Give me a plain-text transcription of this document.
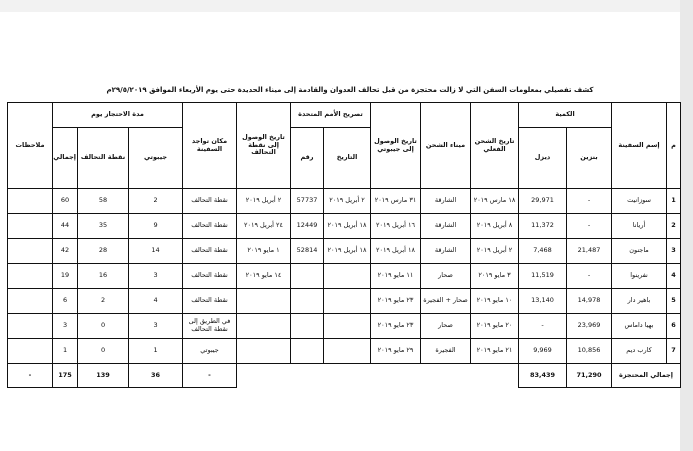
كشف تفصيلي بمعلومات السفن التي لا زالت محتجزة من قبل تحالف العدوان والقادمة إلى ميناء الحديدة حتى يوم الأربعاء الموافق ٢٩/٥/٢٠١٩م
م	إسم السفينة	الكمية		تاريخ الشحن الفعلي	ميناء الشحن	تاريخ الوصول إلى جيبوتي	تصريح الأمم المتحدة		تاريخ الوصول إلى نقطة التحالف	مكان تواجد السفينة	مدة الاحتجاز يوم			ملاحظات
		بنزين	ديزل				التاريخ	رقم			جيبوتي	نقطة التحالف	إجمالي	
1	سوزانيت	-	29,971	١٨ مارس ٢٠١٩	الشارقة	٣١ مارس ٢٠١٩	٢ أبريل ٢٠١٩	57737	٢ أبريل ٢٠١٩	نقطة التحالف	2	58	60	
2	أريانا	-	11,372	٨ أبريل ٢٠١٩	الشارقة	١٦ أبريل ٢٠١٩	١٨ أبريل ٢٠١٩	12449	٢٤ أبريل ٢٠١٩	نقطة التحالف	9	35	44	
3	ماجنون	21,487	7,468	٢ أبريل ٢٠١٩	الشارقة	١٨ أبريل ٢٠١٩	١٨ أبريل ٢٠١٩	52814	١ مايو ٢٠١٩	نقطة التحالف	14	28	42	
4	نفرينوا	-	11,519	٣ مايو ٢٠١٩	صحار	١١ مايو ٢٠١٩			١٤ مايو ٢٠١٩	نقطة التحالف	3	16	19	
5	باهير دار	14,978	13,140	١٠ مايو ٢٠١٩	صحار + الفجيرة	٢٣ مايو ٢٠١٩				نقطة التحالف	4	2	6	
6	بهيا داماس	23,969	-	٢٠ مايو ٢٠١٩	صحار	٢٣ مايو ٢٠١٩				في الطريق إلى نقطة التحالف	3	0	3	
7	كارب ديم	10,856	9,969	٢١ مايو ٢٠١٩	الفجيرة	٢٩ مايو ٢٠١٩				جيبوتي	1	0	1	
إجمالي المحتجزة		71,290	83,439							-	36	139	175	-
